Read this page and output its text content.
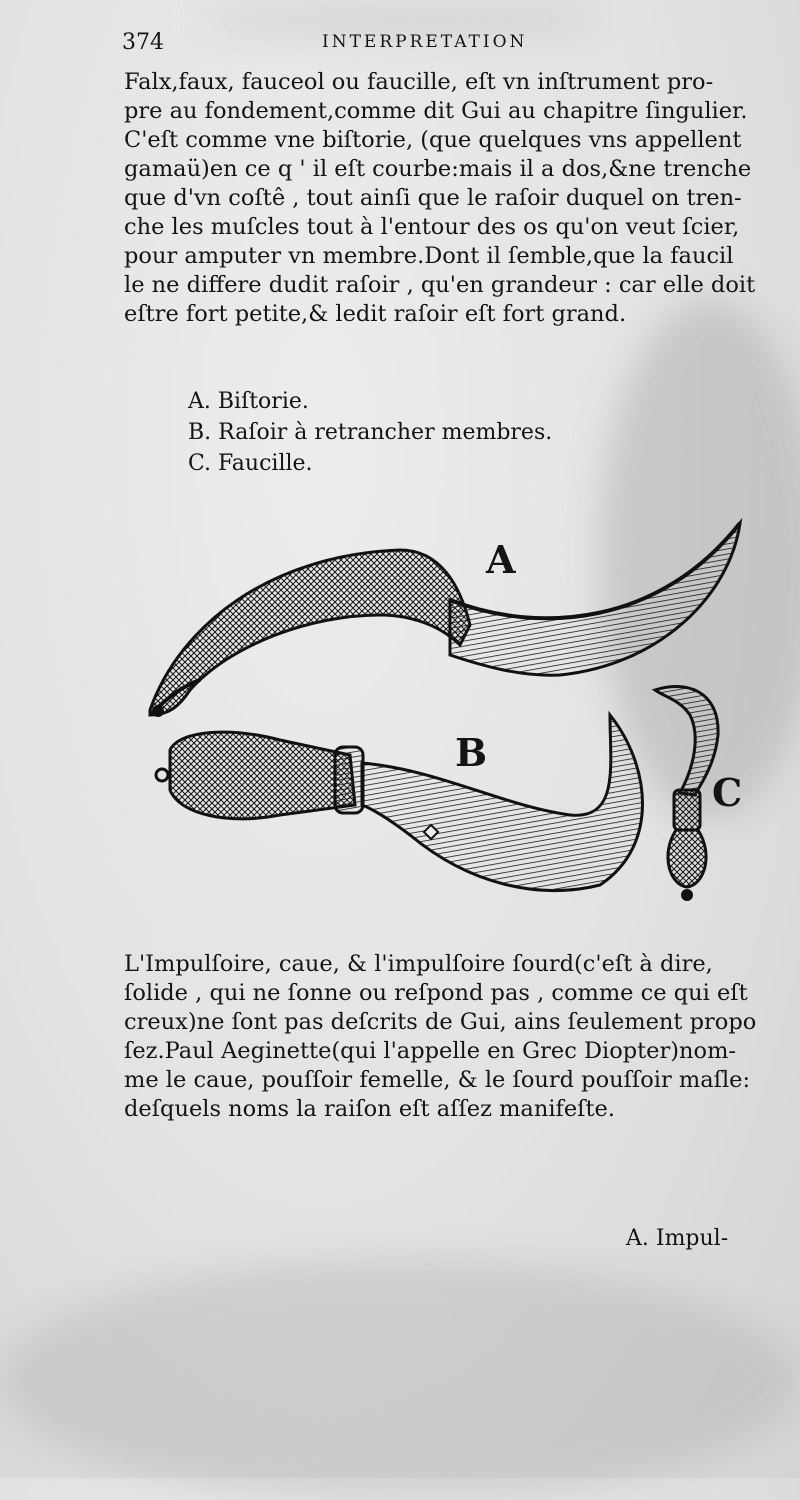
374	INTERPRETATION
Falx,faux, fauceol ou faucille, eſt vn inſtrument pro-
pre au fondement,comme dit Gui au chapitre ſingulier.
C'eſt comme vne biſtorie, (que quelques vns appellent
gamaü)en ce q ' il eſt courbe:mais il a dos,&ne trenche
que d'vn coſtê , tout ainſi que le raſoir duquel on tren-
che les muſcles tout à l'entour des os qu'on veut ſcier,
pour amputer vn membre.Dont il ſemble,que la faucil
le ne differe dudit raſoir , qu'en grandeur : car elle doit
eſtre fort petite,& ledit raſoir eſt fort grand.
A. Biſtorie.
B. Raſoir à retrancher membres.
C. Faucille.
A
B
C
L'Impulſoire, caue, & l'impulſoire ſourd(c'eſt à dire,
ſolide , qui ne ſonne ou reſpond pas , comme ce qui eſt
creux)ne ſont pas deſcrits de Gui, ains ſeulement propo
ſez.Paul Aeginette(qui l'appelle en Grec Diopter)nom-
me le caue, pouſſoir femelle, & le ſourd pouſſoir maſle:
deſquels noms la raiſon eſt aſſez manifeſte.
A. Impul-
